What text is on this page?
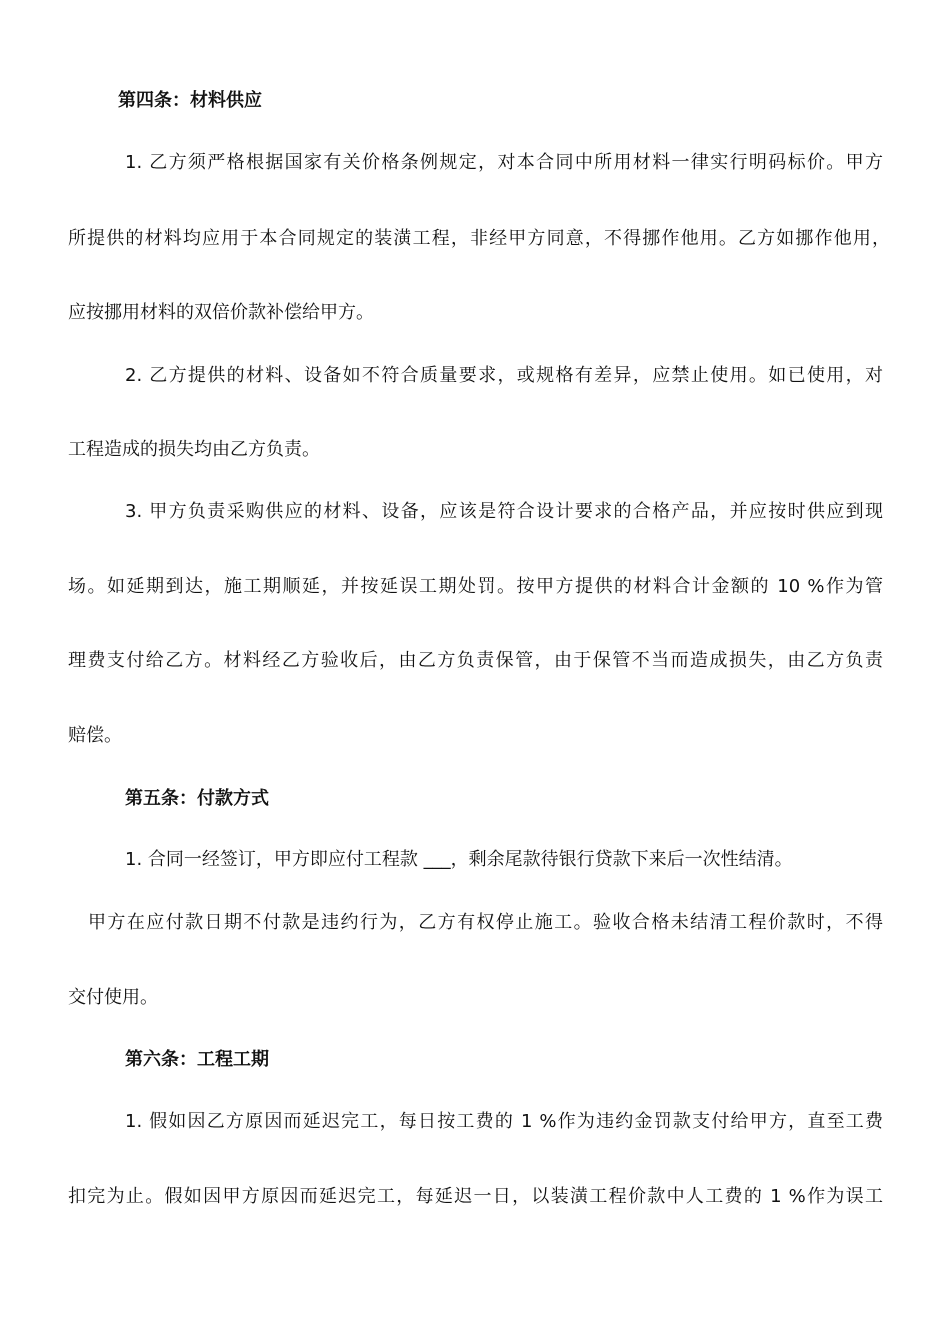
第四条：材料供应
1. 乙方须严格根据国家有关价格条例规定，对本合同中所用材料一律实行明码标价。甲方
所提供的材料均应用于本合同规定的装潢工程，非经甲方同意，不得挪作他用。乙方如挪作他用，
应按挪用材料的双倍价款补偿给甲方。
2. 乙方提供的材料、设备如不符合质量要求，或规格有差异，应禁止使用。如已使用，对
工程造成的损失均由乙方负责。
3. 甲方负责采购供应的材料、设备，应该是符合设计要求的合格产品，并应按时供应到现
场。如延期到达，施工期顺延，并按延误工期处罚。按甲方提供的材料合计金额的 10 %作为管
理费支付给乙方。材料经乙方验收后，由乙方负责保管，由于保管不当而造成损失，由乙方负责
赔偿。
第五条：付款方式
1. 合同一经签订，甲方即应付工程款 ___，剩余尾款待银行贷款下来后一次性结清。
甲方在应付款日期不付款是违约行为，乙方有权停止施工。验收合格未结清工程价款时，不得
交付使用。
第六条：工程工期
1. 假如因乙方原因而延迟完工，每日按工费的 1 %作为违约金罚款支付给甲方，直至工费
扣完为止。假如因甲方原因而延迟完工，每延迟一日，以装潢工程价款中人工费的 1 %作为误工
